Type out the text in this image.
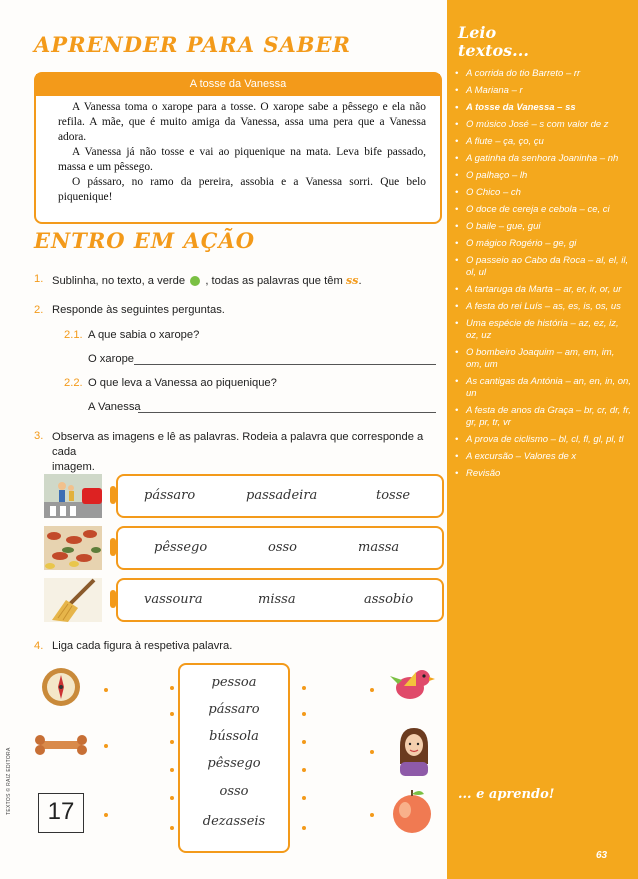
APRENDER PARA SABER
A tosse da Vanessa

A Vanessa toma o xarope para a tosse. O xarope sabe a pêssego e ela não refila. A mãe, que é muito amiga da Vanessa, assa uma pera que a Vanessa adora.

A Vanessa já não tosse e vai ao piquenique na mata. Leva bife passado, massa e um pêssego.

O pássaro, no ramo da pereira, assobia e a Vanessa sorri. Que belo piquenique!

ENTRO EM AÇÃO
1. Sublinha, no texto, a verde , todas as palavras que têm ss.
2. Responde às seguintes perguntas.
2.1. A que sabia o xarope?
O xarope
2.2. O que leva a Vanessa ao piquenique?
A Vanessa
3. Observa as imagens e lê as palavras. Rodeia a palavra que corresponde a cada
imagem.
pássaro	passadeira	tosse
pêssego	osso	massa
vassoura	missa	assobio
4. Liga cada figura à respetiva palavra.
pessoa
pássaro
bússola
pêssego
osso
dezasseis
17
TEXTOS © RAIZ EDITORA
Leio
textos...
• A corrida do tio Barreto – rr
• A Mariana – r
• A tosse da Vanessa – ss
• O músico José – s com valor de z
• A flute – ça, ço, çu
• A gatinha da senhora Joaninha – nh
• O palhaço – lh
• O Chico – ch
• O doce de cereja e cebola – ce, ci
• O baile – gue, gui
• O mágico Rogério – ge, gi
• O passeio ao Cabo da Roca – al, el, il, ol, ul
• A tartaruga da Marta – ar, er, ir, or, ur
• A festa do rei Luís – as, es, is, os, us
• Uma espécie de história – az, ez, iz, oz, uz
• O bombeiro Joaquim – am, em, im, om, um
• As cantigas da Antónia – an, en, in, on, un
• A festa de anos da Graça – br, cr, dr, fr, gr, pr, tr, vr
• A prova de ciclismo – bl, cl, fl, gl, pl, tl
• A excursão – Valores de x
• Revisão
... e aprendo!
63
